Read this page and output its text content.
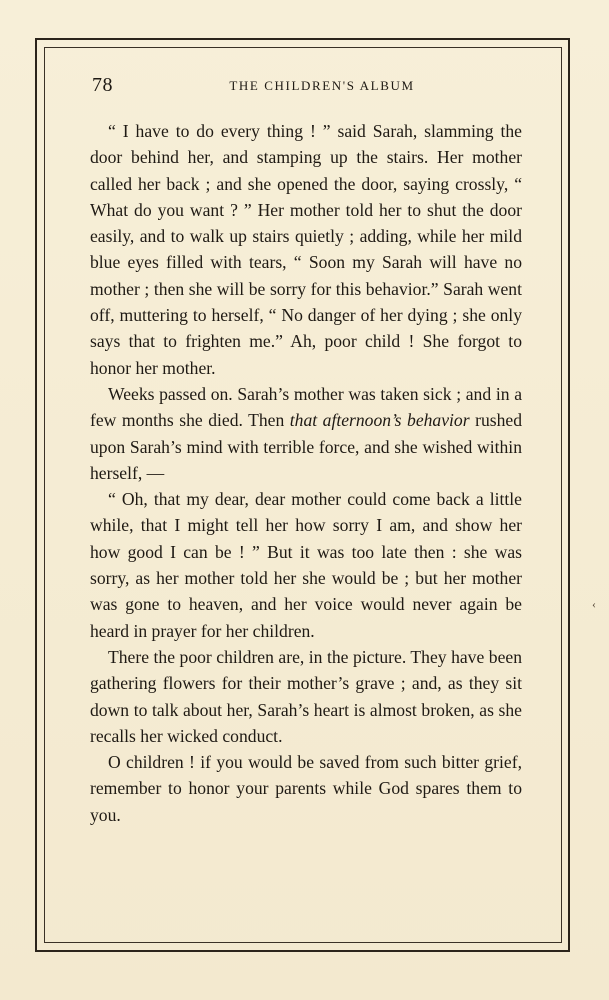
78	THE CHILDREN'S ALBUM

“ I have to do every thing ! ” said Sarah, slamming the door behind her, and stamping up the stairs. Her mother called her back ; and she opened the door, saying crossly, “ What do you want ? ” Her mother told her to shut the door easily, and to walk up stairs quietly ; adding, while her mild blue eyes filled with tears, “ Soon my Sarah will have no mother ; then she will be sorry for this behavior.” Sarah went off, muttering to herself, “ No danger of her dying ; she only says that to frighten me.” Ah, poor child ! She forgot to honor her mother.

Weeks passed on. Sarah’s mother was taken sick ; and in a few months she died. Then that afternoon’s behavior rushed upon Sarah’s mind with terrible force, and she wished within herself, —

“ Oh, that my dear, dear mother could come back a little while, that I might tell her how sorry I am, and show her how good I can be ! ” But it was too late then : she was sorry, as her mother told her she would be ; but her mother was gone to heaven, and her voice would never again be heard in prayer for her children.

There the poor children are, in the picture. They have been gathering flowers for their mother’s grave ; and, as they sit down to talk about her, Sarah’s heart is almost broken, as she recalls her wicked conduct.

O children ! if you would be saved from such bitter grief, remember to honor your parents while God spares them to you.

‹
